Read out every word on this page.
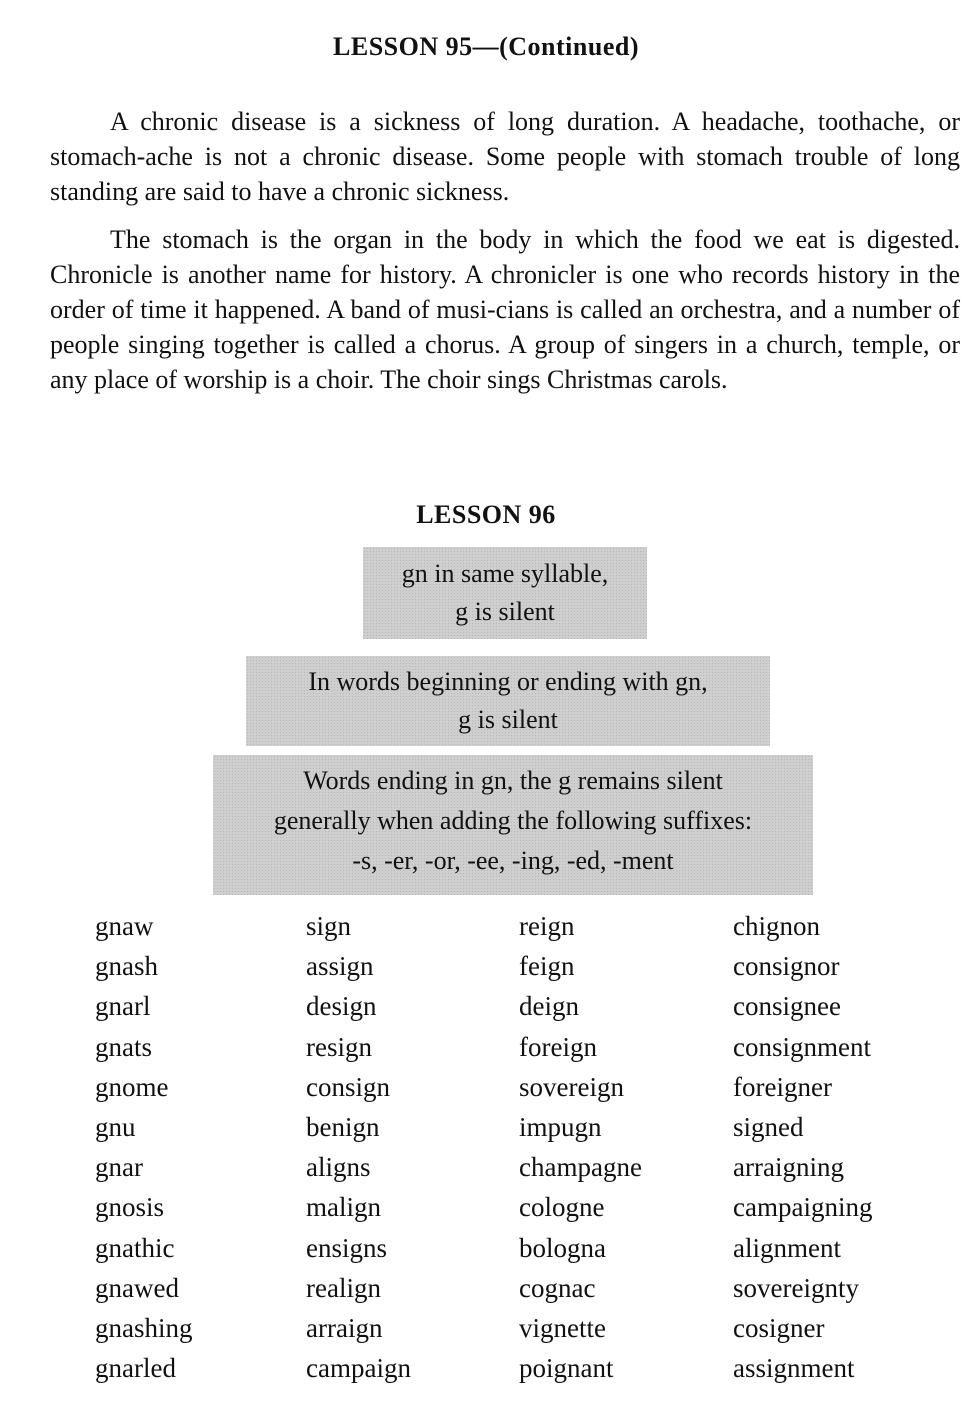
LESSON 95—(Continued)

A chronic disease is a sickness of long duration. A headache, toothache, or stomach-ache is not a chronic disease. Some people with stomach trouble of long standing are said to have a chronic sickness.

The stomach is the organ in the body in which the food we eat is digested. Chronicle is another name for history. A chronicler is one who records history in the order of time it happened. A band of musi-cians is called an orchestra, and a number of people singing together is called a chorus. A group of singers in a church, temple, or any place of worship is a choir. The choir sings Christmas carols.

LESSON 96
gn in same syllable,
g is silent
In words beginning or ending with gn,
g is silent
Words ending in gn, the g remains silent
generally when adding the following suffixes:
-s, -er, -or, -ee, -ing, -ed, -ment
gnaw
gnash
gnarl
gnats
gnome
gnu
gnar
gnosis
gnathic
gnawed
gnashing
gnarled
sign
assign
design
resign
consign
benign
aligns
malign
ensigns
realign
arraign
campaign
reign
feign
deign
foreign
sovereign
impugn
champagne
cologne
bologna
cognac
vignette
poignant
chignon
consignor
consignee
consignment
foreigner
signed
arraigning
campaigning
alignment
sovereignty
cosigner
assignment
